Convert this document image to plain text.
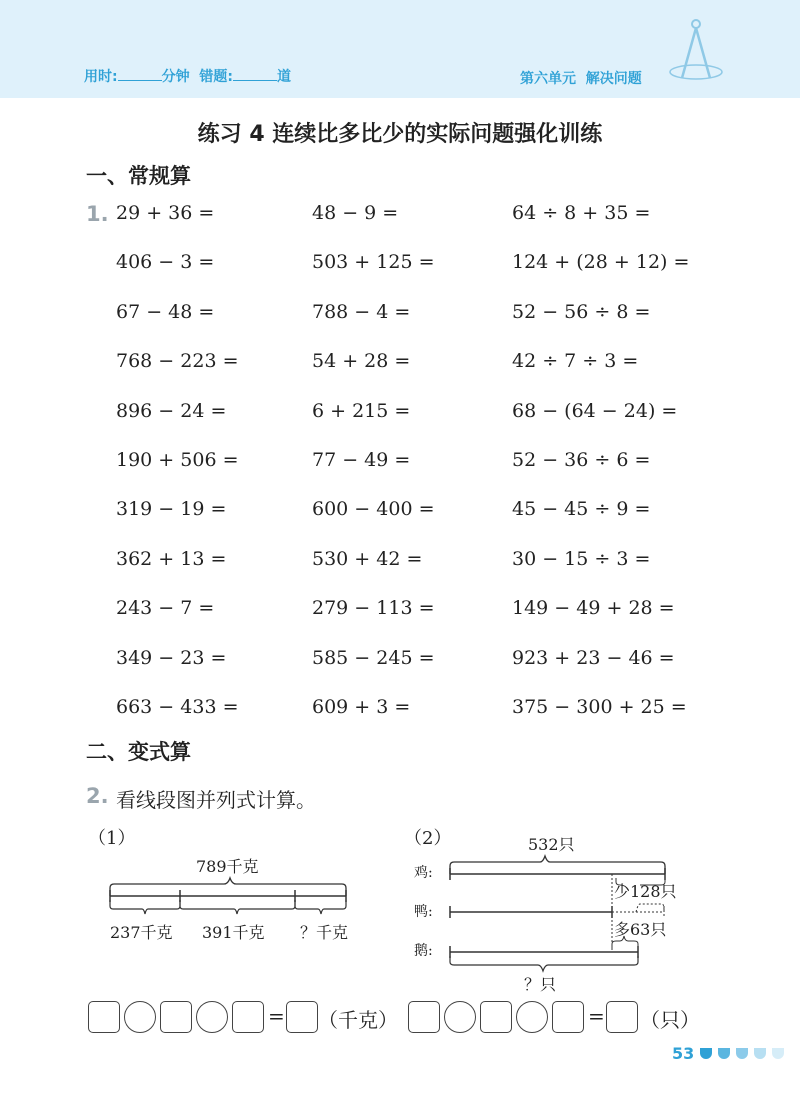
用时:	分钟 错题:	道	第六单元 解决问题
练习 4 连续比多比少的实际问题强化训练
一、常规算
1. 29 + 36 =	48 − 9 =	64 ÷ 8 + 35 =
406 − 3 =	503 + 125 =	124 + (28 + 12) =
67 − 48 =	788 − 4 =	52 − 56 ÷ 8 =
768 − 223 =	54 + 28 =	42 ÷ 7 ÷ 3 =
896 − 24 =	6 + 215 =	68 − (64 − 24) =
190 + 506 =	77 − 49 =	52 − 36 ÷ 6 =
319 − 19 =	600 − 400 =	45 − 45 ÷ 9 =
362 + 13 =	530 + 42 =	30 − 15 ÷ 3 =
243 − 7 =	279 − 113 =	149 − 49 + 28 =
349 − 23 =	585 − 245 =	923 + 23 − 46 =
663 − 433 =	609 + 3 =	375 − 300 + 25 =
二、变式算
2. 看线段图并列式计算。
（1）
789千克
237千克 391千克 ？千克
（2）	532只
鸡:
鸭:
鹅:
少128只
多63只
？只
= （千克）	= （只）
53
